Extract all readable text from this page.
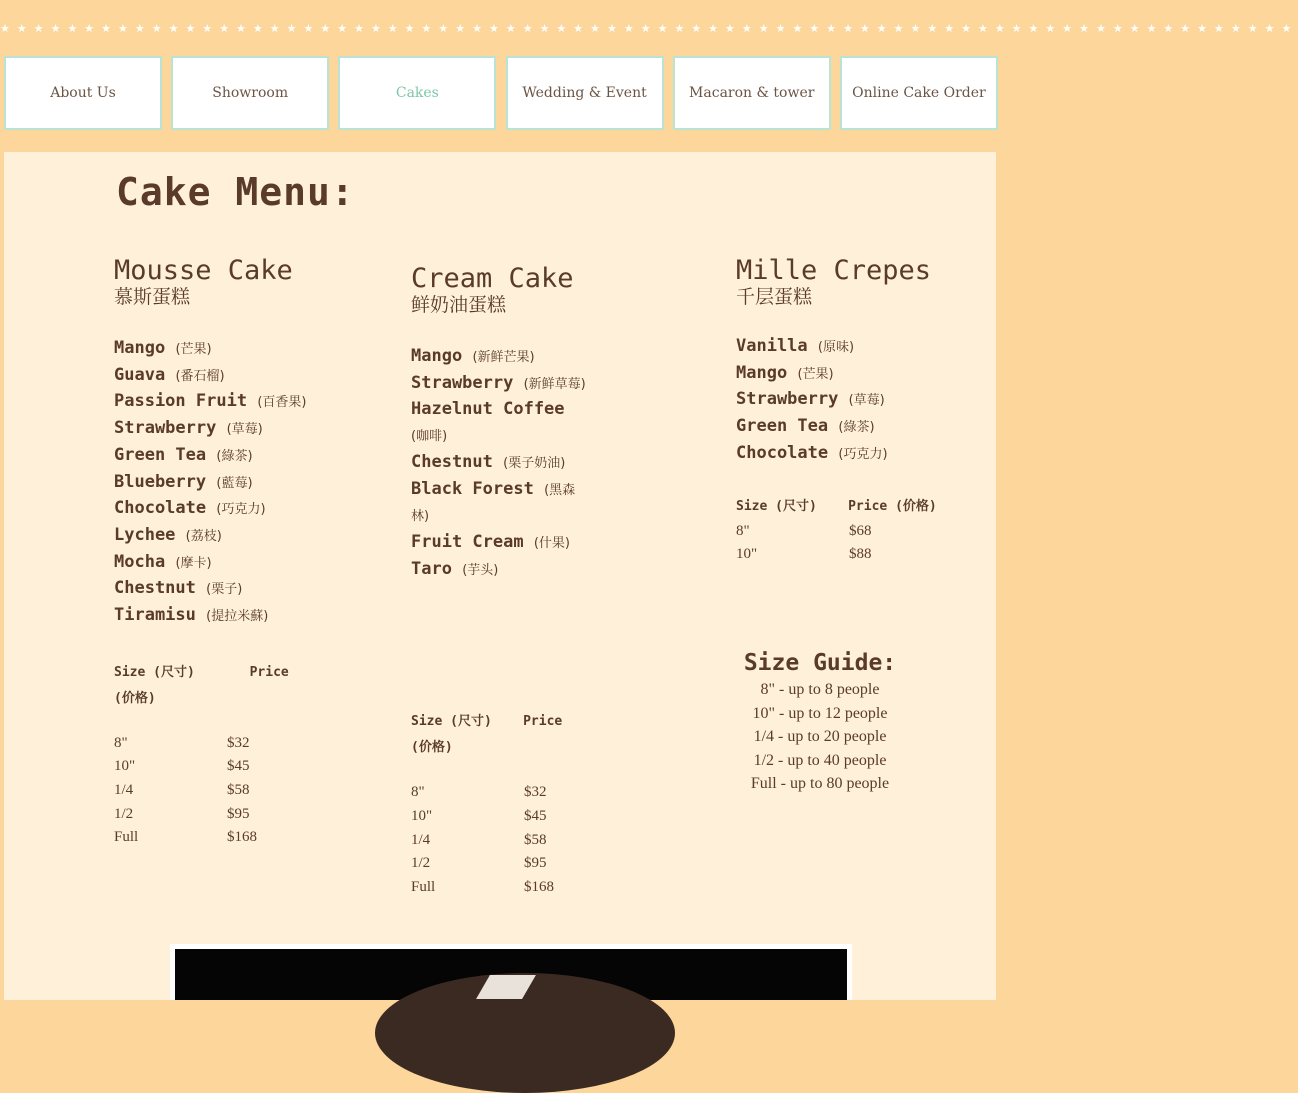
★★★★★★★★★★★★★★★★★★★★★★★★★★★★★★★★★★★★★★★★★★★★★★★★★★★★★★★★★★★★★★★★★★★★★★★★★★★★★
About Us	Showroom	Cakes	Wedding & Event	Macaron & tower	Online Cake Order
Cake Menu:
Mousse Cake
慕斯蛋糕
Mango (芒果)
Guava (番石榴)
Passion Fruit (百香果)
Strawberry (草莓)
Green Tea (綠茶)
Blueberry (藍莓)
Chocolate (巧克力)
Lychee (荔枝)
Mocha (摩卡)
Chestnut (栗子)
Tiramisu (提拉米蘇)
Size (尺寸)	Price (价格)
8"	$32
10"	$45
1/4	$58
1/2	$95
Full	$168
Cream Cake
鲜奶油蛋糕
Mango (新鲜芒果)
Strawberry (新鲜草莓)
Hazelnut Coffee (咖啡)
Chestnut (栗子奶油)
Black Forest (黑森林)
Fruit Cream (什果)
Taro (芋头)
Size (尺寸) Price (价格)
8"	$32
10"	$45
1/4	$58
1/2	$95
Full	$168
Mille Crepes
千层蛋糕
Vanilla (原味)
Mango (芒果)
Strawberry (草莓)
Green Tea (綠茶)
Chocolate (巧克力)
Size (尺寸) Price (价格)
8"	$68
10"	$88
Size Guide:
8" - up to 8 people
10" - up to 12 people
1/4 - up to 20 people
1/2 - up to 40 people
Full - up to 80 people
